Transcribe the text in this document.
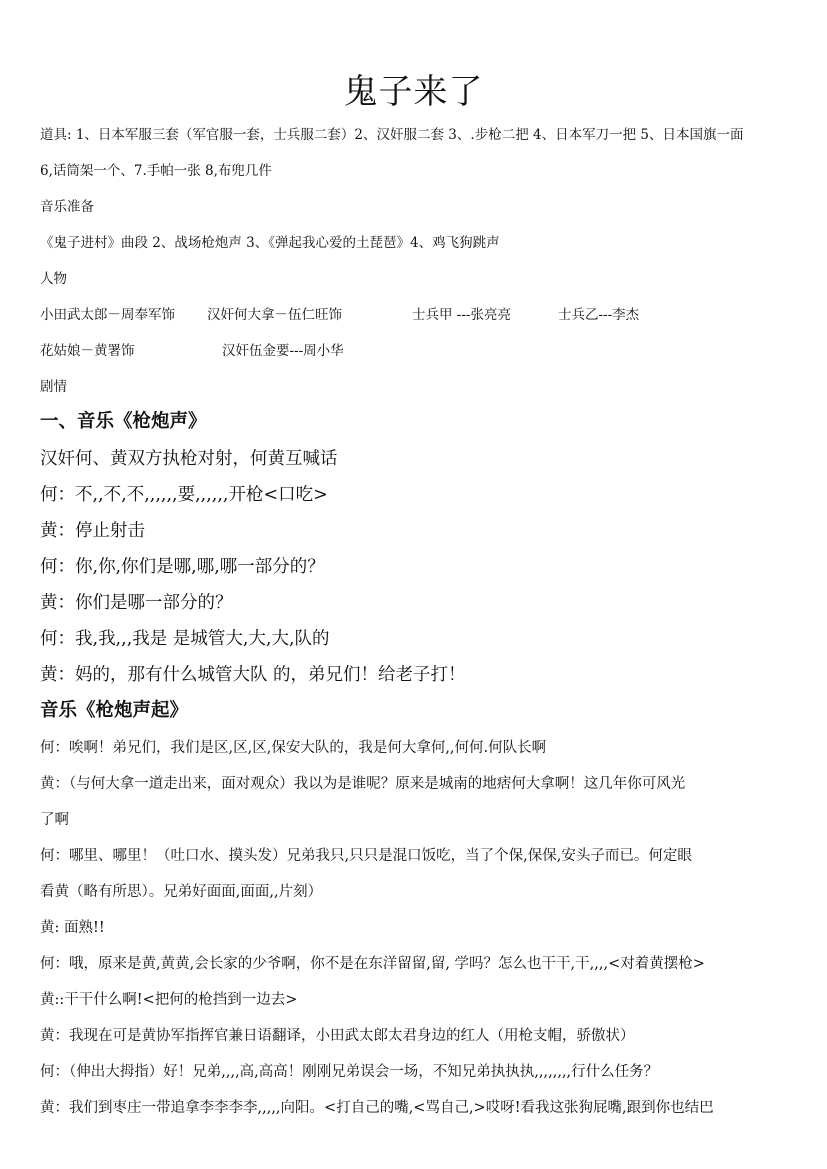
鬼子来了
道具: 1、日本军服三套（军官服一套，士兵服二套）2、汉奸服二套 3、.步枪二把 4、日本军刀一把 5、日本国旗一面
6,话筒架一个、7.手帕一张 8,布兜几件
音乐准备
《鬼子进村》曲段 2、战场枪炮声 3、《弹起我心爱的土琵琶》4、鸡飞狗跳声
人物
小田武太郎－周奉军饰 汉奸何大拿－伍仁旺饰	士兵甲 ---张亮亮	士兵乙---李杰
花姑娘－黄署饰	汉奸伍金要---周小华
剧情
一、音乐《枪炮声》
汉奸何、黄双方执枪对射，何黄互喊话
何：不,,不,不,,,,,,要,,,,,,开枪<口吃>
黄：停止射击
何：你,你,你们是哪,哪,哪一部分的？
黄：你们是哪一部分的？
何：我,我,,,我是 是城管大,大,大,队的
黄：妈的，那有什么城管大队 的，弟兄们！给老子打！
音乐《枪炮声起》
何：唉啊！弟兄们，我们是区,区,区,保安大队的，我是何大拿何,,何何.何队长啊
黄：（与何大拿一道走出来，面对观众）我以为是谁呢？原来是城南的地痞何大拿啊！这几年你可风光
了啊
何：哪里、哪里！（吐口水、摸头发）兄弟我只,只只是混口饭吃，当了个保,保保,安头子而已。何定眼
看黄（略有所思）。兄弟好面面,面面,,片刻）
黄: 面熟!!
何：哦，原来是黄,黄黄,会长家的少爷啊，你不是在东洋留留,留, 学吗？怎么也干干,干,,,,<对着黄摆枪>
黄::干干什么啊!<把何的枪挡到一边去>
黄：我现在可是黄协军指挥官兼日语翻译，小田武太郎太君身边的红人（用枪支帽，骄傲状）
何：（伸出大拇指）好！兄弟,,,,高,高高！刚刚兄弟误会一场，不知兄弟执执执,,,,,,,,行什么任务？
黄：我们到枣庄一带追拿李李李李,,,,,向阳。<打自己的嘴,<骂自己,>哎呀!看我这张狗屁嘴,跟到你也结巴
